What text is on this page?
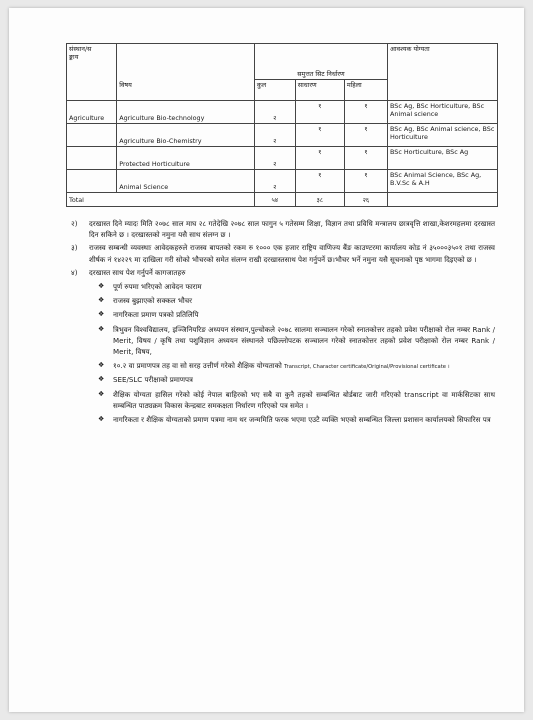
संस्थान/स
ङ्काय		समुत्तत सिट निर्धारण			आवश्यक योग्यता
	विषय	कुल	साधारण	महिला	
Agriculture	Agriculture Bio-technology	२	१	१	BSc Ag, BSc Horticulture, BSc Animal science
	Agriculture Bio-Chemistry	२	१	१	BSc Ag, BSc Animal science, BSc Horticulture
	Protected Horticulture	२	१	१	BSc Horticulture, BSc Ag
	Animal Science	२	१	१	BSc Animal Science, BSc Ag, B.V.Sc & A.H
Total		५४	३८	२६	
२) दरखास्त दिने म्यादः मिति २०७८ साल माघ २८ गतेदेखि २०७८ साल फागुन ५ गतेसम्म शिक्षा, विज्ञान तथा प्रविधि मन्त्रालय छात्रवृत्ति शाखा,केशरमहलमा दरखास्त दिन सकिने छ । दरखास्तको नमुना यसै साथ संलग्न छ ।
३) राजस्व सम्बन्धी व्यवस्थाः आवेदकहरुले राजस्व बापतको रकम रु १००० एक हजार राष्ट्रिय वाणिज्य बैंङ काउण्टरमा कार्यालय कोड नं ३५०००३५०१ तथा राजस्व शीर्षक नं १४२२९ मा दाखिला गरी सोको भौचरको समेत संलग्न राखी दरखास्तसाथ पेश गर्नुपर्ने छ।भौचर भर्ने नमुना यसै सूचनाको पृष्ठ भागमा दिइएको छ ।
४) दरखास्त साथ पेश गर्नुपर्ने कागजातहरु
❖ पूर्ण रुपमा भरिएको आवेदन फाराम
❖ राजस्व बुझाएको सक्कल भौचर
❖ नागरिकता प्रमाण पत्रको प्रतिलिपि
❖ त्रिभुवन विश्वविद्यालय, इञ्जिनियरिङ अध्ययन संस्थान,पुल्चोकले २०७८ सालमा सञ्चालन गरेको स्नातकोत्तर तहको प्रवेश परीक्षाको रोल नम्बर Rank / Merit, विषय / कृषि तथा पशुविज्ञान अध्ययन संस्थानले पछिल्लोपटक सञ्चालन गरेको स्नातकोत्तर तहको प्रवेश परीक्षाको रोल नम्बर Rank / Merit, विषय,
❖ १०.२ वा प्रमाणपत्र तह वा सो सरह उत्तीर्ण गरेको शैक्षिक योग्यताको Transcript, Character certificate/Original/Provisional certificate ।
❖ SEE/SLC परीक्षाको प्रमाणपत्र
❖ शैक्षिक योग्यता हासिल गरेको कोई नेपाल बाहिरको भए सबै वा कुनै तहको सम्बन्धित बोर्डबाट जारी गरिएको transcript वा मार्कसिटका साथ सम्बन्धित पाठ्यक्रम विकास केन्द्रबाट समकक्षता निर्धारण गरिएको पत्र समेत ।
❖ नागरिकता र शैक्षिक योग्यताको प्रमाण पत्रमा नाम थर जन्ममिति फरक भएमा एउटै व्यक्ति भएको सम्बन्धित जिल्ला प्रशासन कार्यालयको सिफारिस पत्र
